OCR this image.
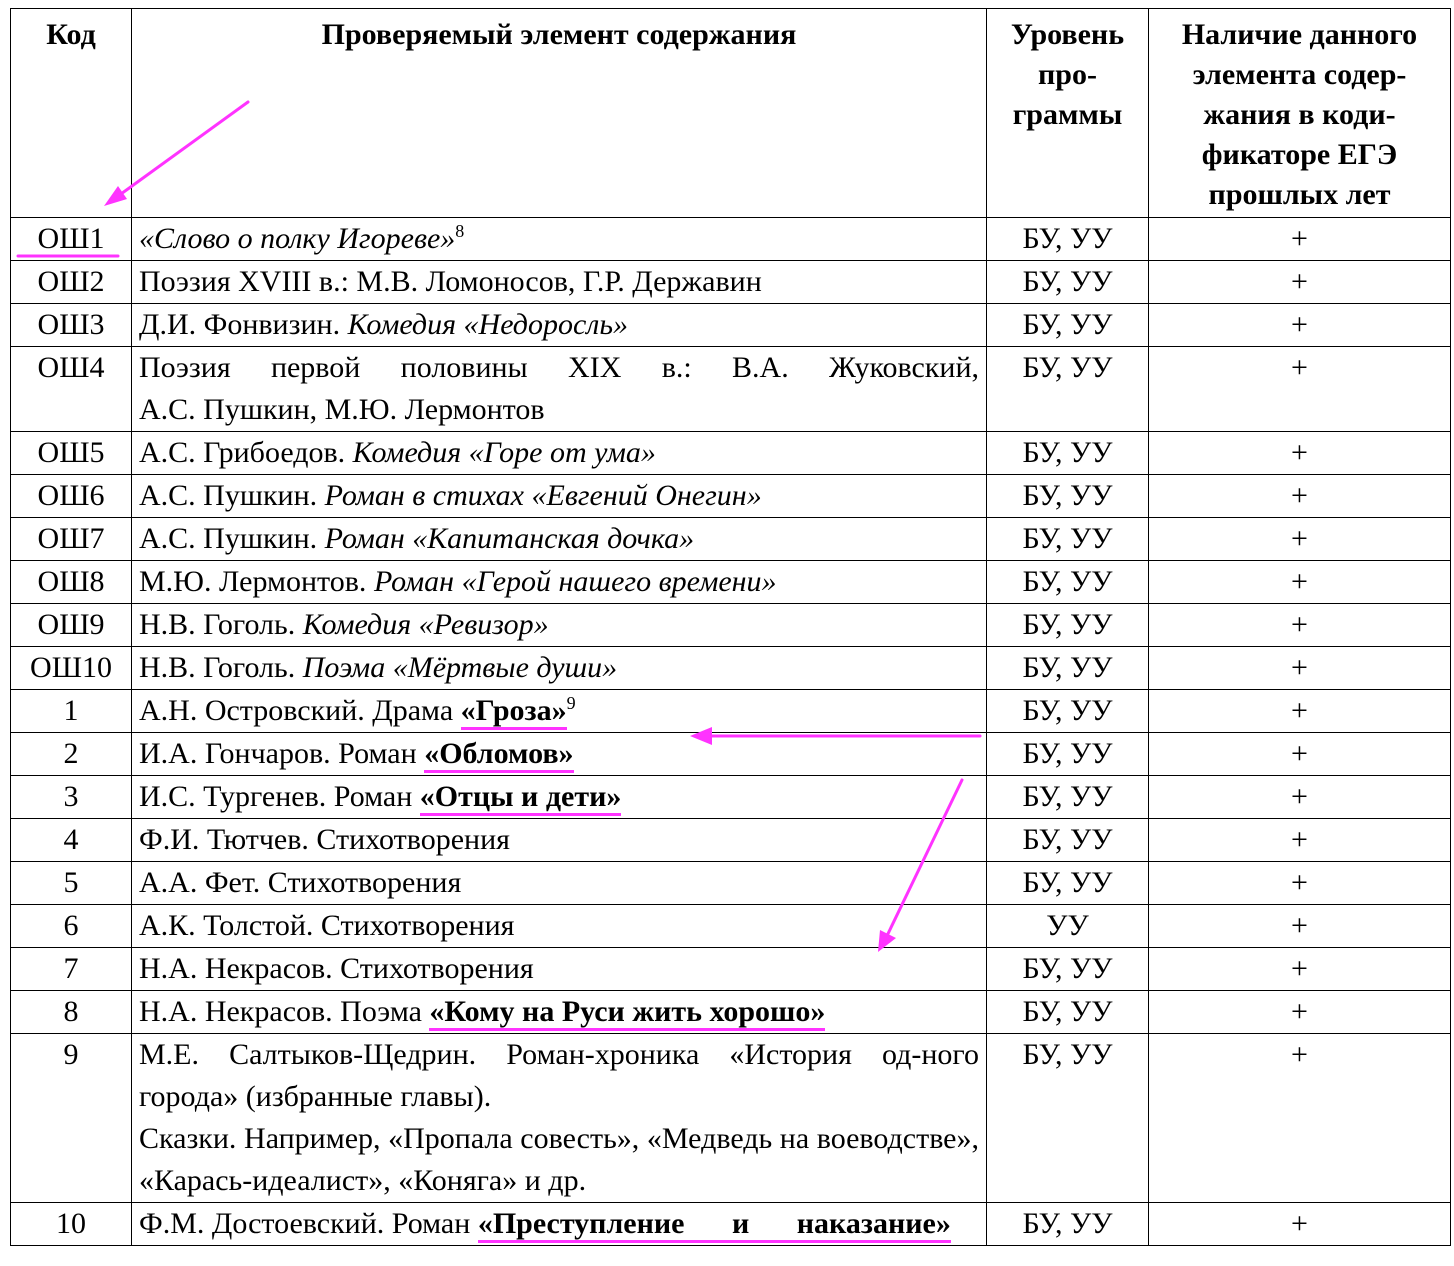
Код	Проверяемый элемент содержания	Уровень про-граммы	Наличие данного элемента содер-жания в коди-фикаторе ЕГЭ прошлых лет
ОШ1	«Слово о полку Игореве»$^8$	БУ, УУ	+
ОШ2	Поэзия XVIII в.: М.В. Ломоносов, Г.Р. Державин	БУ, УУ	+
ОШ3	Д.И. Фонвизин. Комедия «Недоросль»	БУ, УУ	+
ОШ4	Поэзия первой половины XIX в.: В.А. Жуковский,
А.С. Пушкин, М.Ю. Лермонтов	БУ, УУ	+
ОШ5	А.С. Грибоедов. Комедия «Горе от ума»	БУ, УУ	+
ОШ6	А.С. Пушкин. Роман в стихах «Евгений Онегин»	БУ, УУ	+
ОШ7	А.С. Пушкин. Роман «Капитанская дочка»	БУ, УУ	+
ОШ8	М.Ю. Лермонтов. Роман «Герой нашего времени»	БУ, УУ	+
ОШ9	Н.В. Гоголь. Комедия «Ревизор»	БУ, УУ	+
ОШ10	Н.В. Гоголь. Поэма «Мёртвые души»	БУ, УУ	+
1	А.Н. Островский. Драма «Гроза»$^9$	БУ, УУ	+
2	И.А. Гончаров. Роман «Обломов»	БУ, УУ	+
3	И.С. Тургенев. Роман «Отцы и дети»	БУ, УУ	+
4	Ф.И. Тютчев. Стихотворения	БУ, УУ	+
5	А.А. Фет. Стихотворения	БУ, УУ	+
6	А.К. Толстой. Стихотворения	УУ	+
7	Н.А. Некрасов. Стихотворения	БУ, УУ	+
8	Н.А. Некрасов. Поэма «Кому на Руси жить хорошо»	БУ, УУ	+
9	М.Е. Салтыков-Щедрин. Роман-хроника «История од-ного города» (избранные главы).
Сказки. Например, «Пропала совесть», «Медведь на воеводстве», «Карась-идеалист», «Коняга» и др.	БУ, УУ	+
10	Ф.М. Достоевский. Роман «Преступление и наказание»	БУ, УУ	+
